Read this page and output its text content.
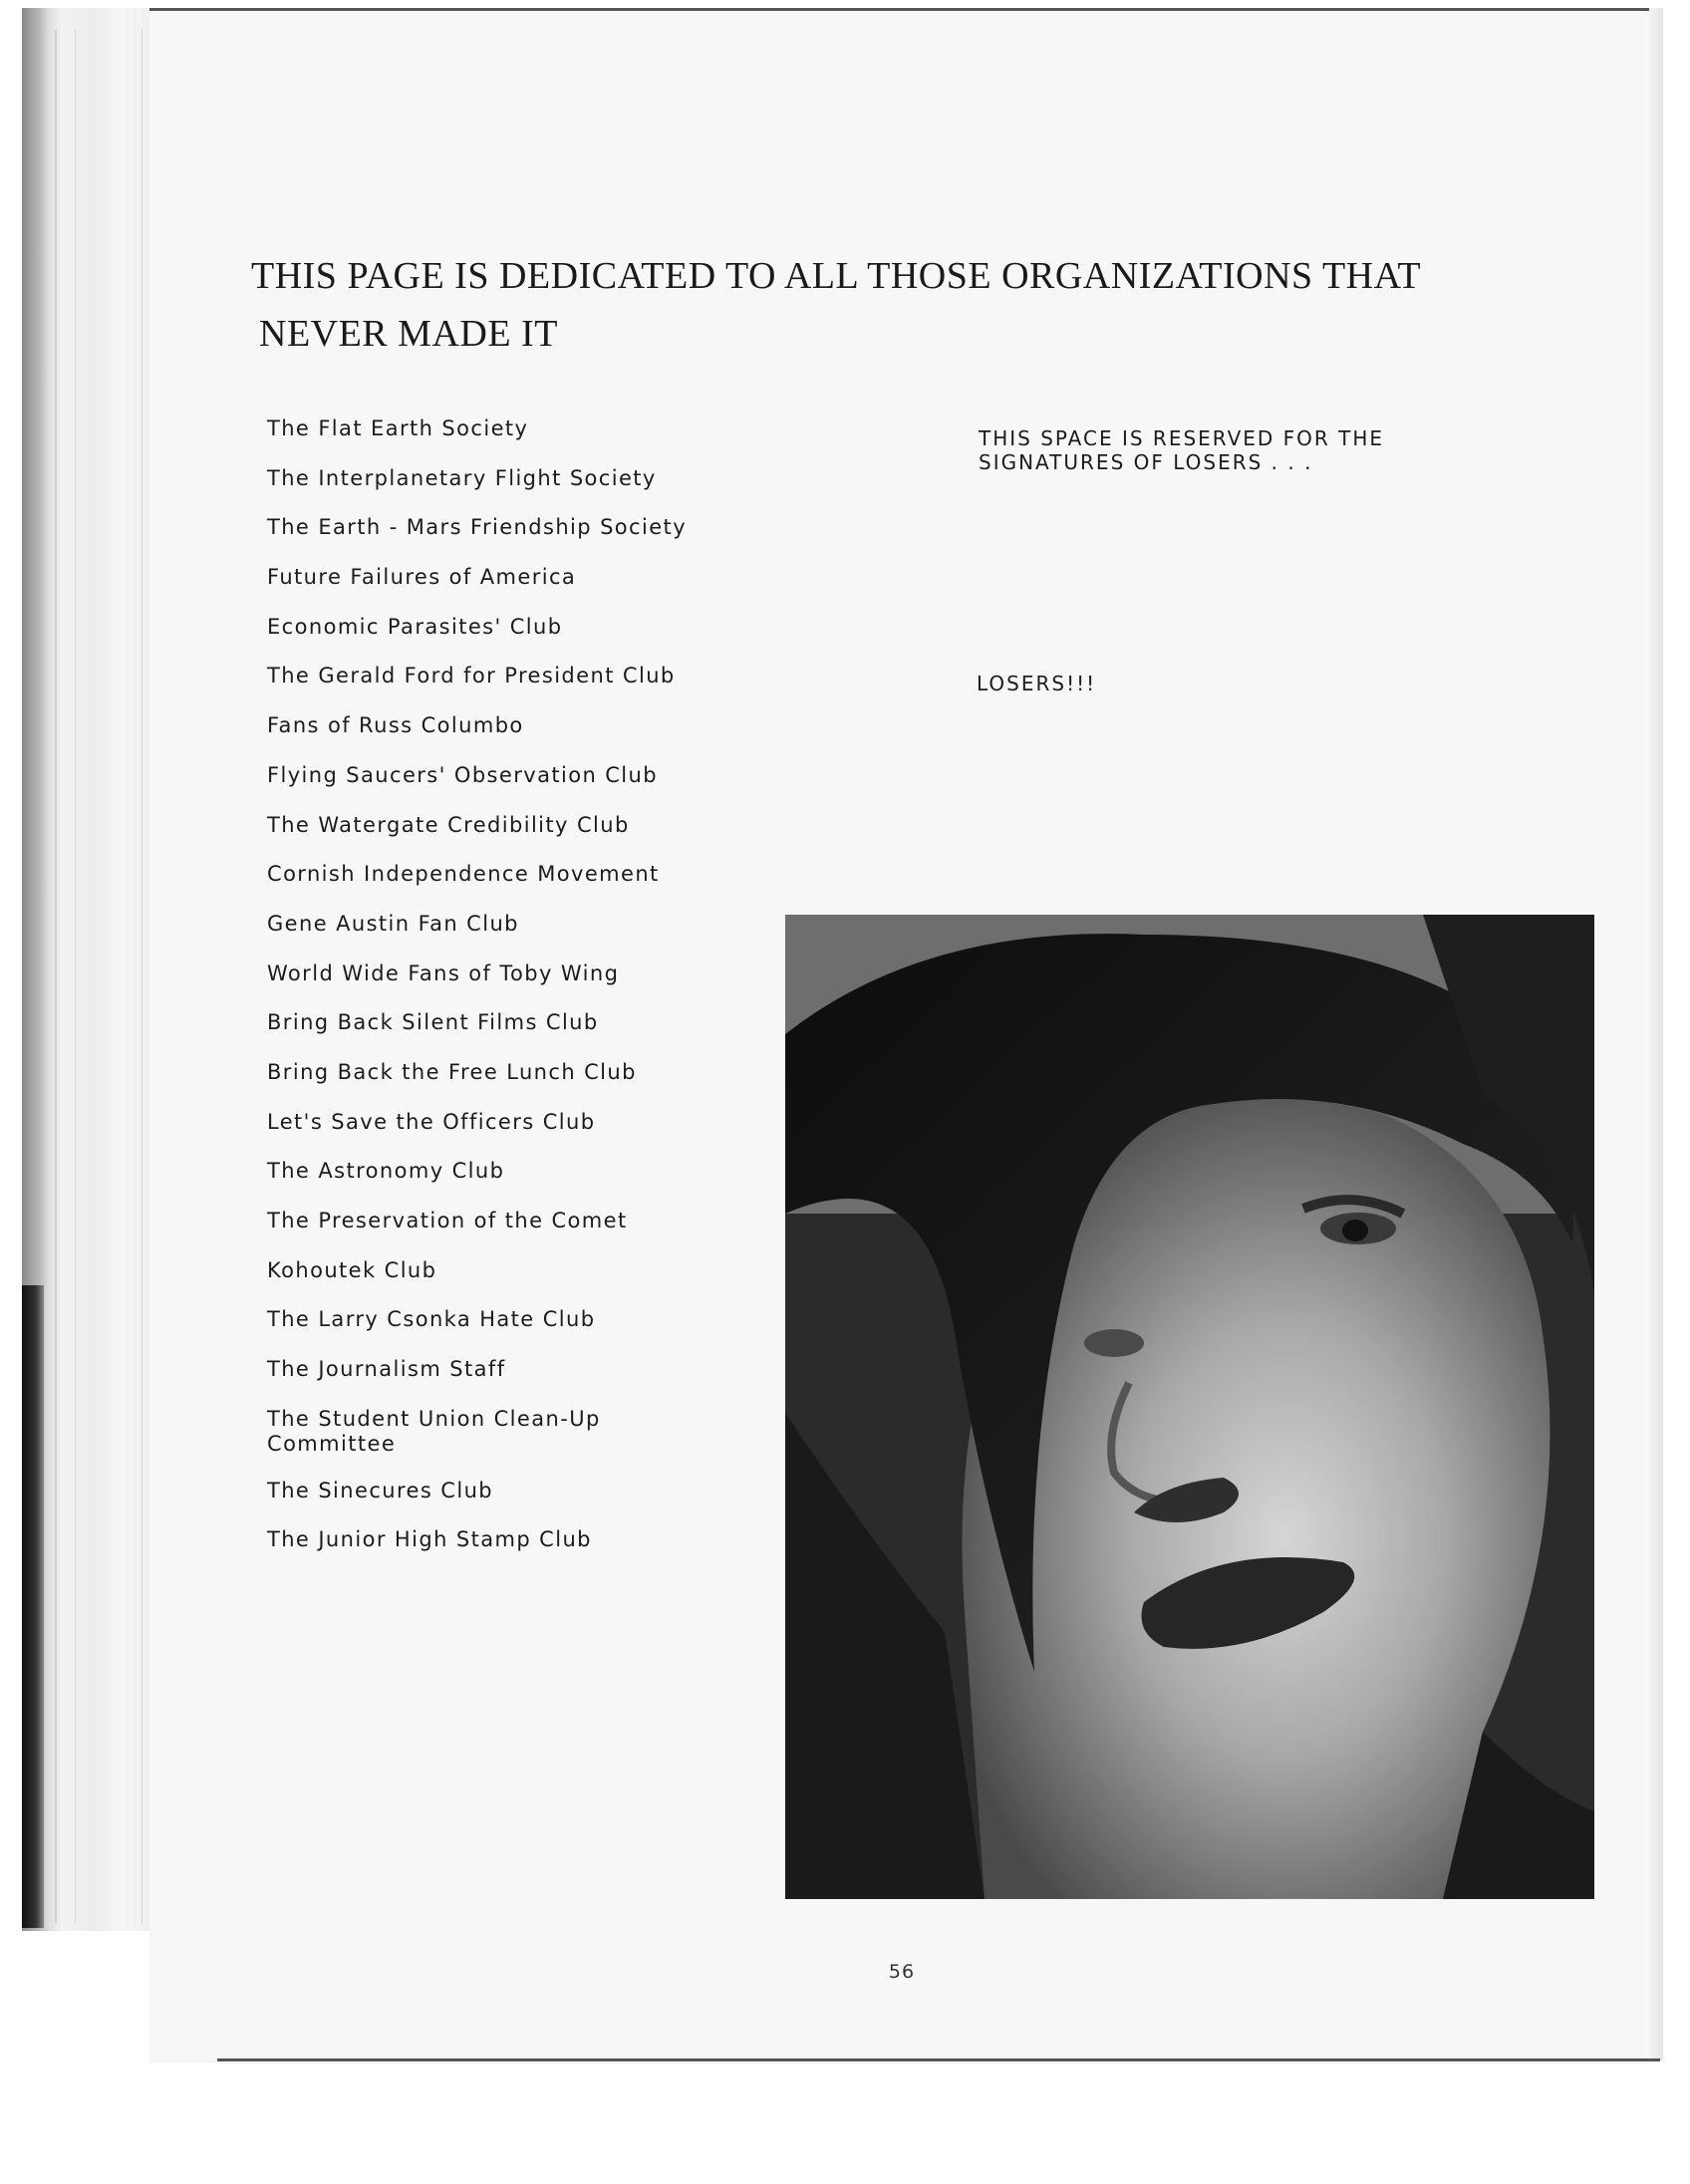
THIS PAGE IS DEDICATED TO ALL THOSE ORGANIZATIONS THAT
NEVER MADE IT
The Flat Earth Society
The Interplanetary Flight Society
The Earth - Mars Friendship Society
Future Failures of America
Economic Parasites' Club
The Gerald Ford for President Club
Fans of Russ Columbo
Flying Saucers' Observation Club
The Watergate Credibility Club
Cornish Independence Movement
Gene Austin Fan Club
World Wide Fans of Toby Wing
Bring Back Silent Films Club
Bring Back the Free Lunch Club
Let's Save the Officers Club
The Astronomy Club
The Preservation of the Comet
Kohoutek Club
The Larry Csonka Hate Club
The Journalism Staff
The Student Union Clean-Up
Committee
The Sinecures Club
The Junior High Stamp Club
THIS SPACE IS RESERVED FOR THE
SIGNATURES OF LOSERS . . .
LOSERS!!!
56
